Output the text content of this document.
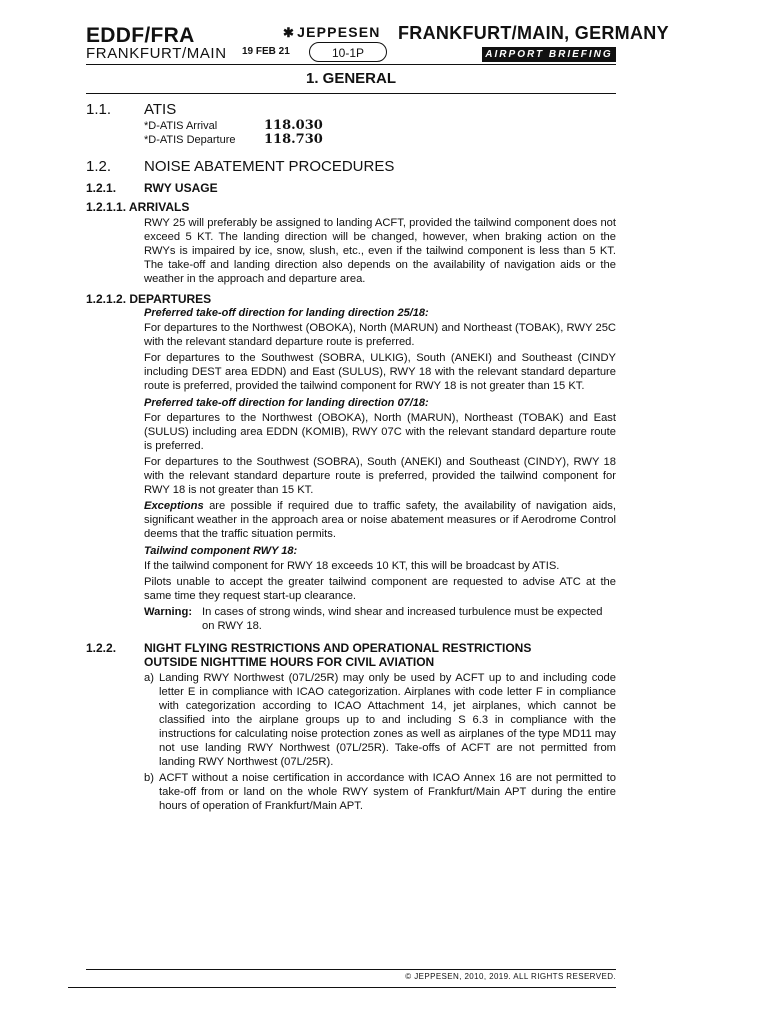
EDDF/FRA
FRANKFURT/MAIN 19 FEB 21
✱ JEPPESEN
10-1P
FRANKFURT/MAIN, GERMANY
AIRPORT BRIEFING
1. GENERAL
1.1.	ATIS
*D-ATIS Arrival	118.030
*D-ATIS Departure	118.730
1.2.	NOISE ABATEMENT PROCEDURES
1.2.1.	RWY USAGE
1.2.1.1. ARRIVALS
RWY 25 will preferably be assigned to landing ACFT, provided the tailwind component does not exceed 5 KT. The landing direction will be changed, however, when braking action on the RWYs is impaired by ice, snow, slush, etc., even if the tailwind component is less than 5 KT. The take-off and landing direction also depends on the availability of navigation aids or the weather in the approach and departure area.
1.2.1.2. DEPARTURES
Preferred take-off direction for landing direction 25/18:
For departures to the Northwest (OBOKA), North (MARUN) and Northeast (TOBAK), RWY 25C with the relevant standard departure route is preferred.
For departures to the Southwest (SOBRA, ULKIG), South (ANEKI) and Southeast (CINDY including DEST area EDDN) and East (SULUS), RWY 18 with the relevant standard departure route is preferred, provided the tailwind component for RWY 18 is not greater than 15 KT.
Preferred take-off direction for landing direction 07/18:
For departures to the Northwest (OBOKA), North (MARUN), Northeast (TOBAK) and East (SULUS) including area EDDN (KOMIB), RWY 07C with the relevant standard departure route is preferred.
For departures to the Southwest (SOBRA), South (ANEKI) and Southeast (CINDY), RWY 18 with the relevant standard departure route is preferred, provided the tailwind component for RWY 18 is not greater than 15 KT.
Exceptions are possible if required due to traffic safety, the availability of navigation aids, significant weather in the approach area or noise abatement measures or if Aerodrome Control deems that the traffic situation permits.
Tailwind component RWY 18:
If the tailwind component for RWY 18 exceeds 10 KT, this will be broadcast by ATIS.
Pilots unable to accept the greater tailwind component are requested to advise ATC at the same time they request start-up clearance.
Warning: In cases of strong winds, wind shear and increased turbulence must be expected on RWY 18.
1.2.2.	NIGHT FLYING RESTRICTIONS AND OPERATIONAL RESTRICTIONS
OUTSIDE NIGHTTIME HOURS FOR CIVIL AVIATION
a) Landing RWY Northwest (07L/25R) may only be used by ACFT up to and including code letter E in compliance with ICAO categorization. Airplanes with code letter F in compliance with categorization according to ICAO Attachment 14, jet airplanes, which cannot be classified into the airplane groups up to and including S 6.3 in compliance with the instructions for calculating noise protection zones as well as airplanes of the type MD11 may not use landing RWY Northwest (07L/25R). Take-offs of ACFT are not permitted from landing RWY Northwest (07L/25R).
b) ACFT without a noise certification in accordance with ICAO Annex 16 are not permitted to take-off from or land on the whole RWY system of Frankfurt/Main APT during the entire hours of operation of Frankfurt/Main APT.
© JEPPESEN, 2010, 2019. ALL RIGHTS RESERVED.
